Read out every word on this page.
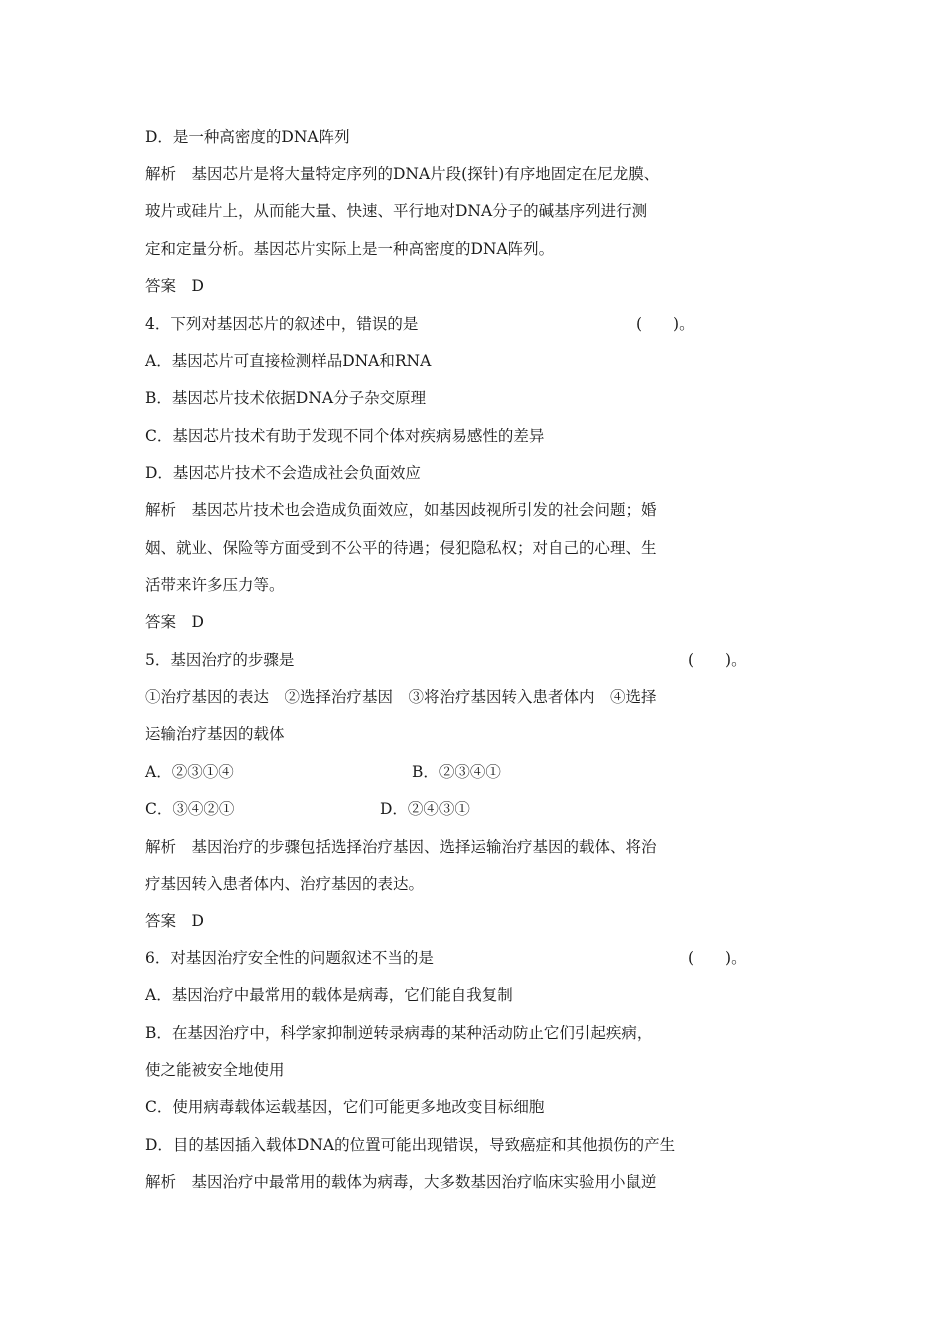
D．是一种高密度的DNA阵列
解析　基因芯片是将大量特定序列的DNA片段(探针)有序地固定在尼龙膜、
玻片或硅片上，从而能大量、快速、平行地对DNA分子的碱基序列进行测
定和定量分析。基因芯片实际上是一种高密度的DNA阵列。
答案　D
4．下列对基因芯片的叙述中，错误的是	(　　)。
A．基因芯片可直接检测样品DNA和RNA
B．基因芯片技术依据DNA分子杂交原理
C．基因芯片技术有助于发现不同个体对疾病易感性的差异
D．基因芯片技术不会造成社会负面效应
解析　基因芯片技术也会造成负面效应，如基因歧视所引发的社会问题；婚
姻、就业、保险等方面受到不公平的待遇；侵犯隐私权；对自己的心理、生
活带来许多压力等。
答案　D
5．基因治疗的步骤是	(　　)。
①治疗基因的表达　②选择治疗基因　③将治疗基因转入患者体内　④选择
运输治疗基因的载体
A．②③①④	B．②③④①
C．③④②①	D．②④③①
解析　基因治疗的步骤包括选择治疗基因、选择运输治疗基因的载体、将治
疗基因转入患者体内、治疗基因的表达。
答案　D
6．对基因治疗安全性的问题叙述不当的是	(　　)。
A．基因治疗中最常用的载体是病毒，它们能自我复制
B．在基因治疗中，科学家抑制逆转录病毒的某种活动防止它们引起疾病，
使之能被安全地使用
C．使用病毒载体运载基因，它们可能更多地改变目标细胞
D．目的基因插入载体DNA的位置可能出现错误，导致癌症和其他损伤的产生
解析　基因治疗中最常用的载体为病毒，大多数基因治疗临床实验用小鼠逆
